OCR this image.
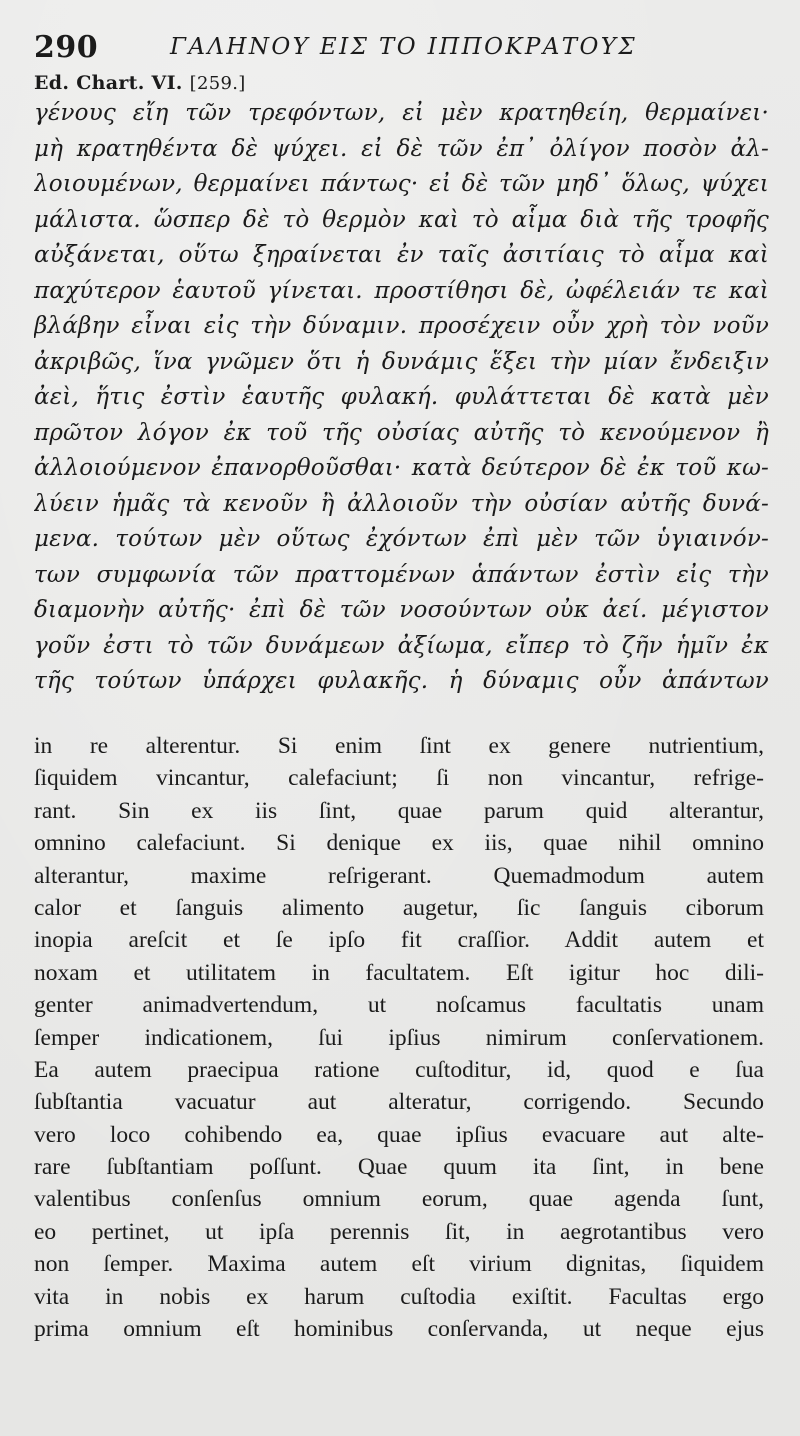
290	ΓΑΛΗΝΟΥ ΕΙΣ ΤΟ ΙΠΠΟΚΡΑΤΟΥΣ
Ed. Chart. VI. [259.]
γένους εἴη τῶν τρεφόντων, εἰ μὲν κρατηθείη, θερμαίνει·
μὴ κρατηθέντα δὲ ψύχει. εἰ δὲ τῶν ἐπ᾽ ὀλίγον ποσὸν ἀλ-
λοιουμένων, θερμαίνει πάντως· εἰ δὲ τῶν μηδ᾽ ὅλως, ψύχει
μάλιστα. ὥσπερ δὲ τὸ θερμὸν καὶ τὸ αἷμα διὰ τῆς τροφῆς
αὐξάνεται, οὕτω ξηραίνεται ἐν ταῖς ἀσιτίαις τὸ αἷμα καὶ
παχύτερον ἑαυτοῦ γίνεται. προστίθησι δὲ, ὠφέλειάν τε καὶ
βλάβην εἶναι εἰς τὴν δύναμιν. προσέχειν οὖν χρὴ τὸν νοῦν
ἀκριβῶς, ἵνα γνῶμεν ὅτι ἡ δυνάμις ἕξει τὴν μίαν ἔνδειξιν
ἀεὶ, ἥτις ἐστὶν ἑαυτῆς φυλακή. φυλάττεται δὲ κατὰ μὲν
πρῶτον λόγον ἐκ τοῦ τῆς οὐσίας αὐτῆς τὸ κενούμενον ἢ
ἀλλοιούμενον ἐπανορθοῦσθαι· κατὰ δεύτερον δὲ ἐκ τοῦ κω-
λύειν ἡμᾶς τὰ κενοῦν ἢ ἀλλοιοῦν τὴν οὐσίαν αὐτῆς δυνά-
μενα. τούτων μὲν οὕτως ἐχόντων ἐπὶ μὲν τῶν ὑγιαινόν-
των συμφωνία τῶν πραττομένων ἁπάντων ἐστὶν εἰς τὴν
διαμονὴν αὐτῆς· ἐπὶ δὲ τῶν νοσούντων οὐκ ἀεί. μέγιστον
γοῦν ἐστι τὸ τῶν δυνάμεων ἀξίωμα, εἴπερ τὸ ζῆν ἡμῖν ἐκ
τῆς τούτων ὑπάρχει φυλακῆς. ἡ δύναμις οὖν ἁπάντων
in re alterentur. Si enim ſint ex genere nutrientium,
ſiquidem vincantur, calefaciunt; ſi non vincantur, refrige-
rant. Sin ex iis ſint, quae parum quid alterantur,
omnino calefaciunt. Si denique ex iis, quae nihil omnino
alterantur, maxime reſrigerant. Quemadmodum autem
calor et ſanguis alimento augetur, ſic ſanguis ciborum
inopia areſcit et ſe ipſo fit craſſior. Addit autem et
noxam et utilitatem in facultatem. Eſt igitur hoc dili-
genter animadvertendum, ut noſcamus facultatis unam
ſemper indicationem, ſui ipſius nimirum conſervationem.
Ea autem praecipua ratione cuſtoditur, id, quod e ſua
ſubſtantia vacuatur aut alteratur, corrigendo. Secundo
vero loco cohibendo ea, quae ipſius evacuare aut alte-
rare ſubſtantiam poſſunt. Quae quum ita ſint, in bene
valentibus conſenſus omnium eorum, quae agenda ſunt,
eo pertinet, ut ipſa perennis ſit, in aegrotantibus vero
non ſemper. Maxima autem eſt virium dignitas, ſiquidem
vita in nobis ex harum cuſtodia exiſtit. Facultas ergo
prima omnium eſt hominibus conſervanda, ut neque ejus
